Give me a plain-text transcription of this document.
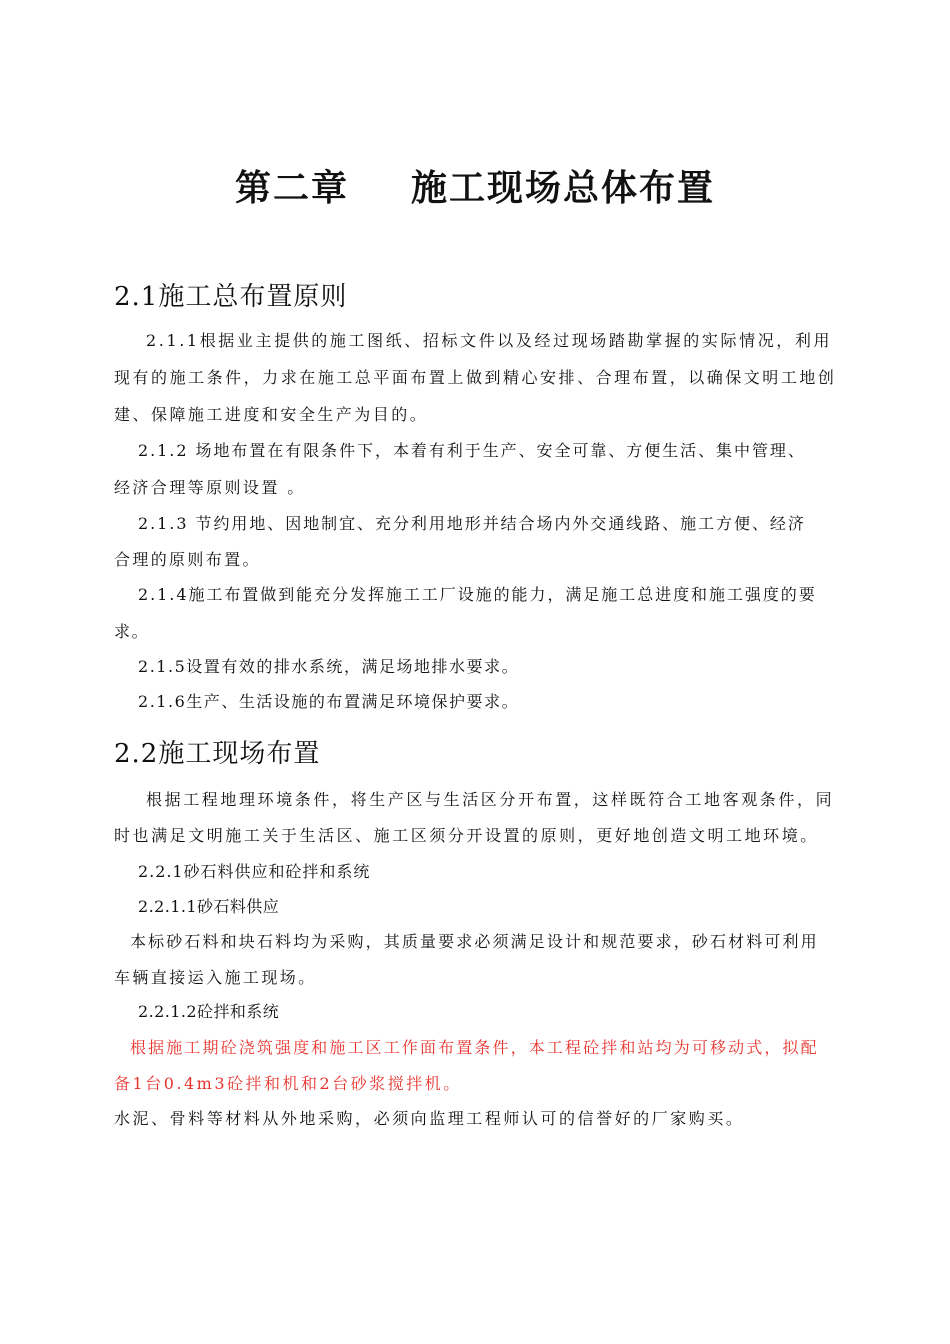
第二章 施工现场总体布置
2.1施工总布置原则
2.1.1根据业主提供的施工图纸、招标文件以及经过现场踏勘掌握的实际情况，利用
现有的施工条件，力求在施工总平面布置上做到精心安排、合理布置，以确保文明工地创
建、保障施工进度和安全生产为目的。
2.1.2 场地布置在有限条件下，本着有利于生产、安全可靠、方便生活、集中管理、
经济合理等原则设置 。
2.1.3 节约用地、因地制宜、充分利用地形并结合场内外交通线路、施工方便、经济
合理的原则布置。
2.1.4施工布置做到能充分发挥施工工厂设施的能力，满足施工总进度和施工强度的要
求。
2.1.5设置有效的排水系统，满足场地排水要求。
2.1.6生产、生活设施的布置满足环境保护要求。
2.2施工现场布置
根据工程地理环境条件，将生产区与生活区分开布置，这样既符合工地客观条件，同
时也满足文明施工关于生活区、施工区须分开设置的原则，更好地创造文明工地环境。
2.2.1砂石料供应和砼拌和系统
2.2.1.1砂石料供应
本标砂石料和块石料均为采购，其质量要求必须满足设计和规范要求，砂石材料可利用
车辆直接运入施工现场。
2.2.1.2砼拌和系统
根据施工期砼浇筑强度和施工区工作面布置条件，本工程砼拌和站均为可移动式，拟配
备1台0.4m3砼拌和机和2台砂浆搅拌机。
水泥、骨料等材料从外地采购，必须向监理工程师认可的信誉好的厂家购买。
